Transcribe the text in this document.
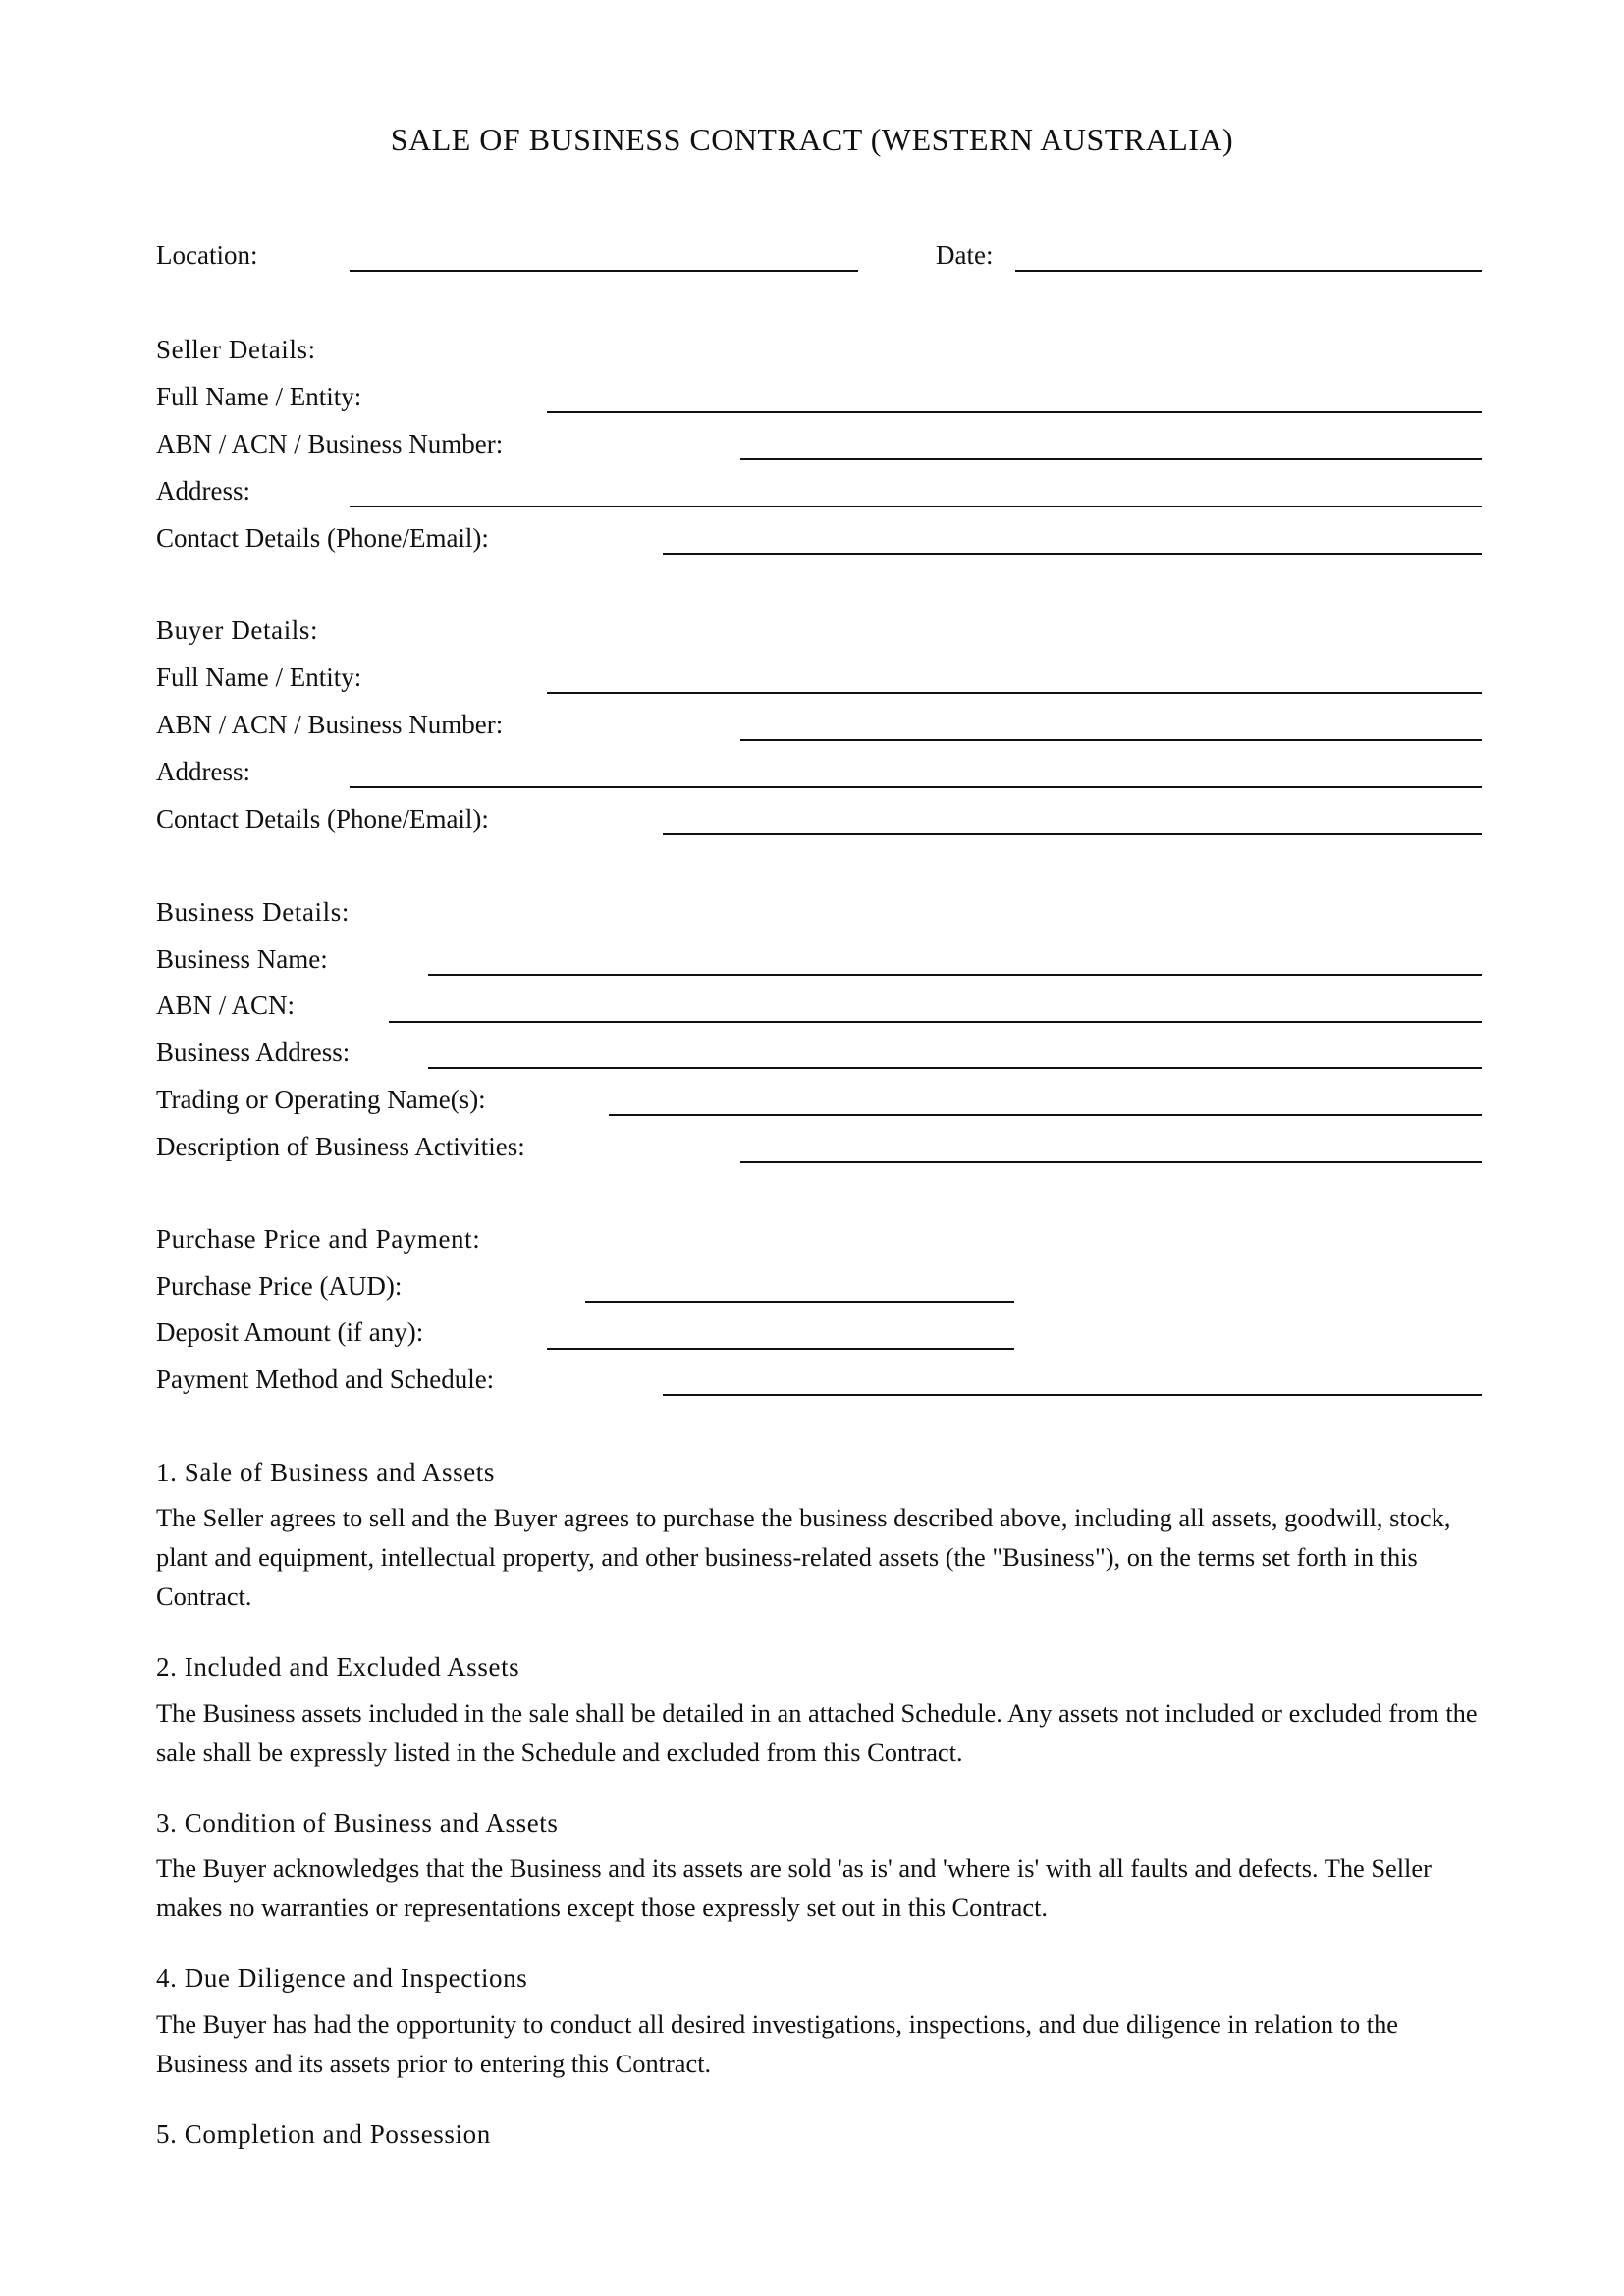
SALE OF BUSINESS CONTRACT (WESTERN AUSTRALIA)
Location:	Date:
Seller Details:
Full Name / Entity:
ABN / ACN / Business Number:
Address:
Contact Details (Phone/Email):
Buyer Details:
Full Name / Entity:
ABN / ACN / Business Number:
Address:
Contact Details (Phone/Email):
Business Details:
Business Name:
ABN / ACN:
Business Address:
Trading or Operating Name(s):
Description of Business Activities:
Purchase Price and Payment:
Purchase Price (AUD):
Deposit Amount (if any):
Payment Method and Schedule:
1. Sale of Business and Assets
The Seller agrees to sell and the Buyer agrees to purchase the business described above, including all assets, goodwill, stock, plant and equipment, intellectual property, and other business-related assets (the "Business"), on the terms set forth in this Contract.
2. Included and Excluded Assets
The Business assets included in the sale shall be detailed in an attached Schedule. Any assets not included or excluded from the sale shall be expressly listed in the Schedule and excluded from this Contract.
3. Condition of Business and Assets
The Buyer acknowledges that the Business and its assets are sold 'as is' and 'where is' with all faults and defects. The Seller makes no warranties or representations except those expressly set out in this Contract.
4. Due Diligence and Inspections
The Buyer has had the opportunity to conduct all desired investigations, inspections, and due diligence in relation to the Business and its assets prior to entering this Contract.
5. Completion and Possession
